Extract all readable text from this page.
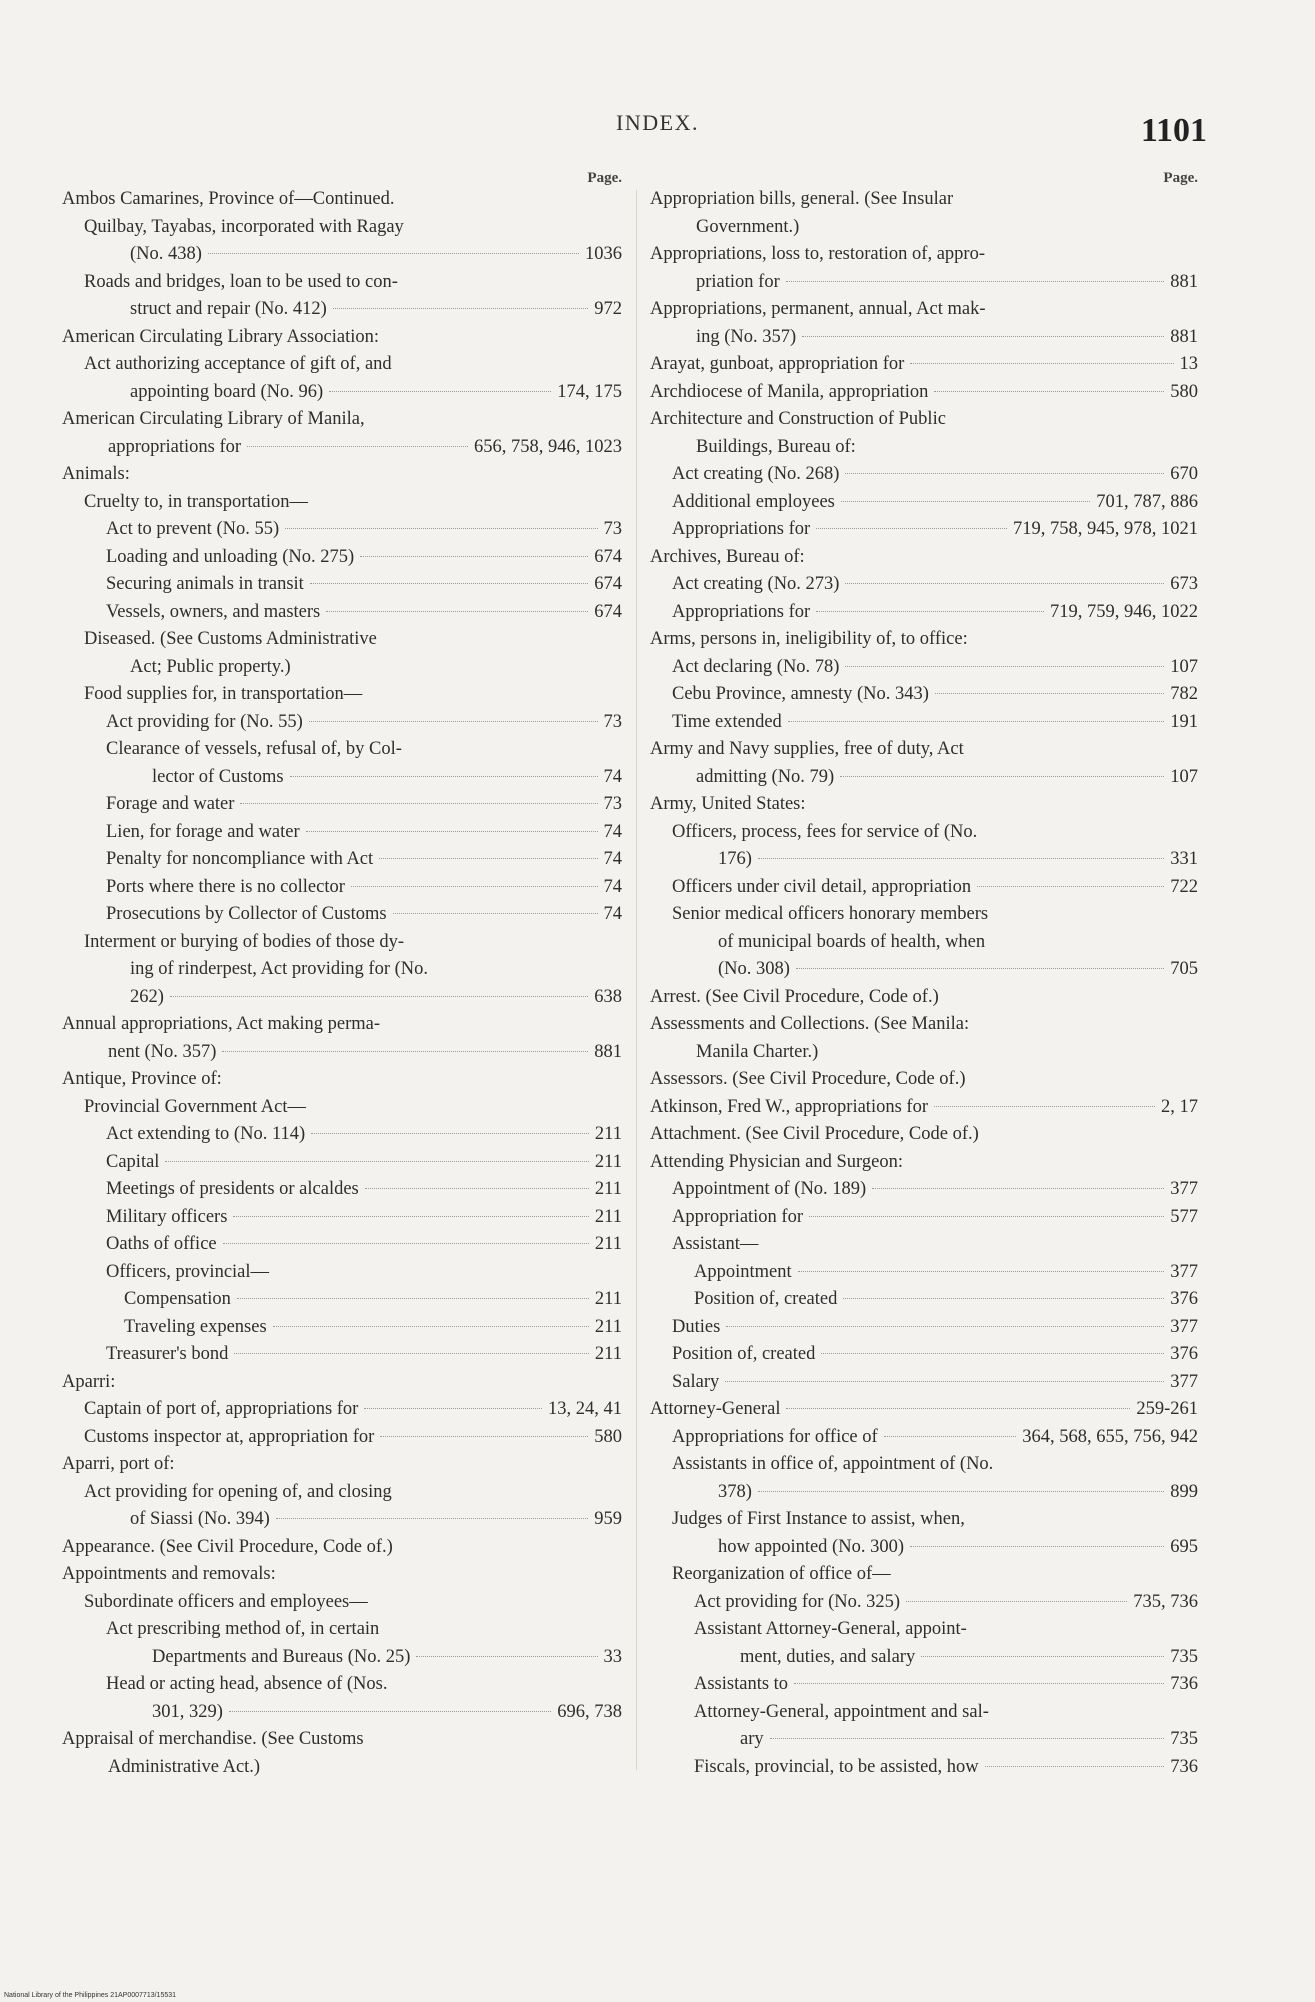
INDEX.	1101
Page.
Ambos Camarines, Province of—Continued.
Quilbay, Tayabas, incorporated with Ragay
(No. 438)	1036
Roads and bridges, loan to be used to con-
struct and repair (No. 412)	972
American Circulating Library Association:
Act authorizing acceptance of gift of, and
appointing board (No. 96)	174, 175
American Circulating Library of Manila,
appropriations for	656, 758, 946, 1023
Animals:
Cruelty to, in transportation—
Act to prevent (No. 55)	73
Loading and unloading (No. 275)	674
Securing animals in transit	674
Vessels, owners, and masters	674
Diseased. (See Customs Administrative
Act; Public property.)
Food supplies for, in transportation—
Act providing for (No. 55)	73
Clearance of vessels, refusal of, by Col-
lector of Customs	74
Forage and water	73
Lien, for forage and water	74
Penalty for noncompliance with Act	74
Ports where there is no collector	74
Prosecutions by Collector of Customs	74
Interment or burying of bodies of those dy-
ing of rinderpest, Act providing for (No.
262)	638
Annual appropriations, Act making perma-
nent (No. 357)	881
Antique, Province of:
Provincial Government Act—
Act extending to (No. 114)	211
Capital	211
Meetings of presidents or alcaldes	211
Military officers	211
Oaths of office	211
Officers, provincial—
Compensation	211
Traveling expenses	211
Treasurer's bond	211
Aparri:
Captain of port of, appropriations for	13, 24, 41
Customs inspector at, appropriation for	580
Aparri, port of:
Act providing for opening of, and closing
of Siassi (No. 394)	959
Appearance. (See Civil Procedure, Code of.)
Appointments and removals:
Subordinate officers and employees—
Act prescribing method of, in certain
Departments and Bureaus (No. 25)	33
Head or acting head, absence of (Nos.
301, 329)	696, 738
Appraisal of merchandise. (See Customs
Administrative Act.)
Page.
Appropriation bills, general. (See Insular
Government.)
Appropriations, loss to, restoration of, appro-
priation for	881
Appropriations, permanent, annual, Act mak-
ing (No. 357)	881
Arayat, gunboat, appropriation for	13
Archdiocese of Manila, appropriation	580
Architecture and Construction of Public
Buildings, Bureau of:
Act creating (No. 268)	670
Additional employees	701, 787, 886
Appropriations for	719, 758, 945, 978, 1021
Archives, Bureau of:
Act creating (No. 273)	673
Appropriations for	719, 759, 946, 1022
Arms, persons in, ineligibility of, to office:
Act declaring (No. 78)	107
Cebu Province, amnesty (No. 343)	782
Time extended	191
Army and Navy supplies, free of duty, Act
admitting (No. 79)	107
Army, United States:
Officers, process, fees for service of (No.
176)	331
Officers under civil detail, appropriation	722
Senior medical officers honorary members
of municipal boards of health, when
(No. 308)	705
Arrest. (See Civil Procedure, Code of.)
Assessments and Collections. (See Manila:
Manila Charter.)
Assessors. (See Civil Procedure, Code of.)
Atkinson, Fred W., appropriations for	2, 17
Attachment. (See Civil Procedure, Code of.)
Attending Physician and Surgeon:
Appointment of (No. 189)	377
Appropriation for	577
Assistant—
Appointment	377
Position of, created	376
Duties	377
Position of, created	376
Salary	377
Attorney-General	259-261
Appropriations for office of	364, 568, 655, 756, 942
Assistants in office of, appointment of (No.
378)	899
Judges of First Instance to assist, when,
how appointed (No. 300)	695
Reorganization of office of—
Act providing for (No. 325)	735, 736
Assistant Attorney-General, appoint-
ment, duties, and salary	735
Assistants to	736
Attorney-General, appointment and sal-
ary	735
Fiscals, provincial, to be assisted, how	736
National Library of the Philippines 21AP0007713/15531
